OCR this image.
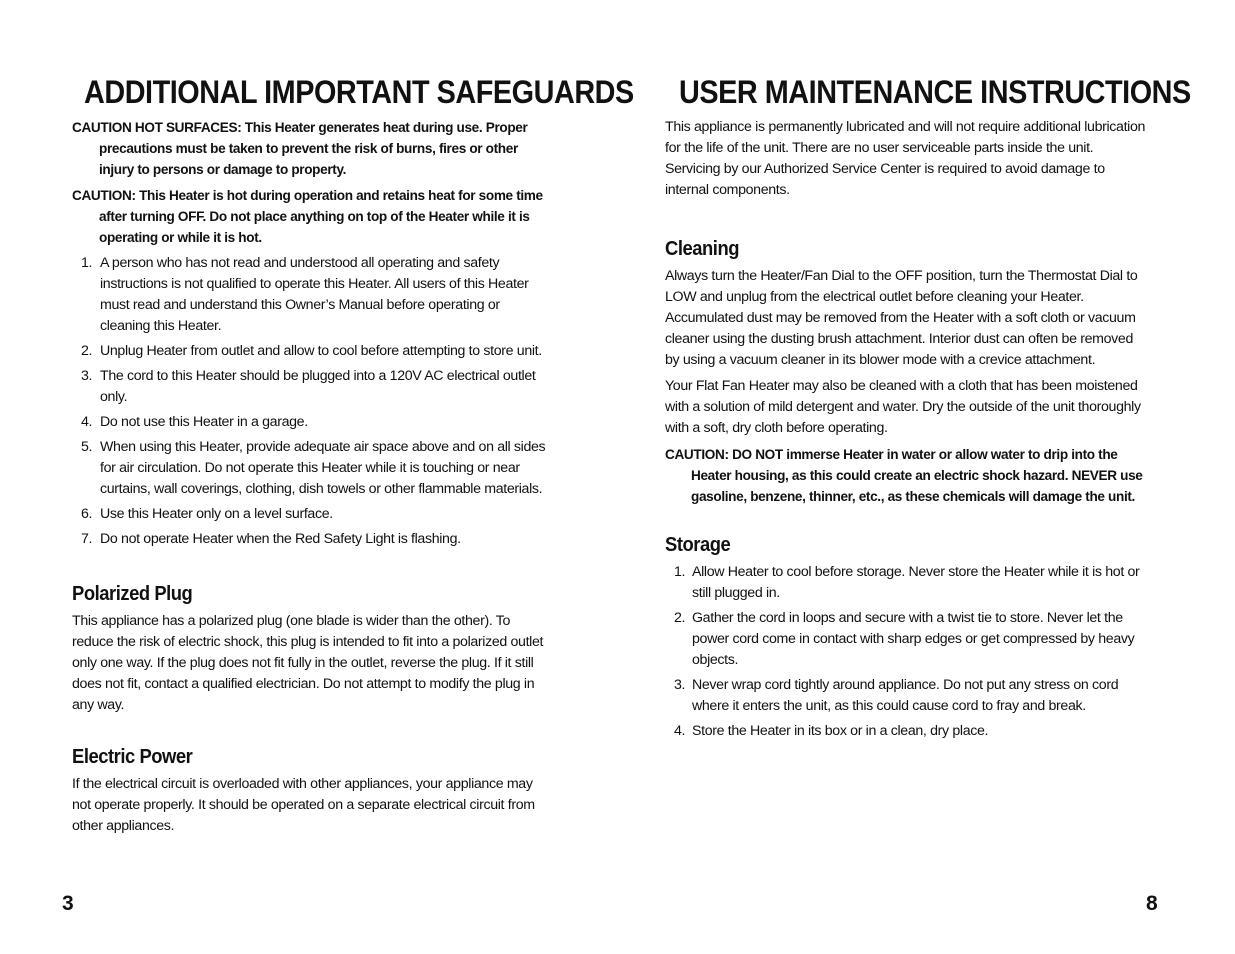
ADDITIONAL IMPORTANT SAFEGUARDS

CAUTION HOT SURFACES: This Heater generates heat during use. Proper precautions must be taken to prevent the risk of burns, fires or other injury to persons or damage to property.

CAUTION: This Heater is hot during operation and retains heat for some time after turning OFF. Do not place anything on top of the Heater while it is operating or while it is hot.

1. A person who has not read and understood all operating and safety instructions is not qualified to operate this Heater. All users of this Heater must read and understand this Owner’s Manual before operating or cleaning this Heater.
2. Unplug Heater from outlet and allow to cool before attempting to store unit.
3. The cord to this Heater should be plugged into a 120V AC electrical outlet only.
4. Do not use this Heater in a garage.
5. When using this Heater, provide adequate air space above and on all sides for air circulation. Do not operate this Heater while it is touching or near curtains, wall coverings, clothing, dish towels or other flammable materials.
6. Use this Heater only on a level surface.
7. Do not operate Heater when the Red Safety Light is flashing.
Polarized Plug

This appliance has a polarized plug (one blade is wider than the other). To reduce the risk of electric shock, this plug is intended to fit into a polarized outlet only one way. If the plug does not fit fully in the outlet, reverse the plug. If it still does not fit, contact a qualified electrician. Do not attempt to modify the plug in any way.

Electric Power

If the electrical circuit is overloaded with other appliances, your appliance may not operate properly. It should be operated on a separate electrical circuit from other appliances.

3
USER MAINTENANCE INSTRUCTIONS

This appliance is permanently lubricated and will not require additional lubrication for the life of the unit. There are no user serviceable parts inside the unit. Servicing by our Authorized Service Center is required to avoid damage to internal components.

Cleaning

Always turn the Heater/Fan Dial to the OFF position, turn the Thermostat Dial to LOW and unplug from the electrical outlet before cleaning your Heater. Accumulated dust may be removed from the Heater with a soft cloth or vacuum cleaner using the dusting brush attachment. Interior dust can often be removed by using a vacuum cleaner in its blower mode with a crevice attachment.

Your Flat Fan Heater may also be cleaned with a cloth that has been moistened with a solution of mild detergent and water. Dry the outside of the unit thoroughly with a soft, dry cloth before operating.

CAUTION: DO NOT immerse Heater in water or allow water to drip into the Heater housing, as this could create an electric shock hazard. NEVER use gasoline, benzene, thinner, etc., as these chemicals will damage the unit.

Storage
1. Allow Heater to cool before storage. Never store the Heater while it is hot or still plugged in.
2. Gather the cord in loops and secure with a twist tie to store. Never let the power cord come in contact with sharp edges or get compressed by heavy objects.
3. Never wrap cord tightly around appliance. Do not put any stress on cord where it enters the unit, as this could cause cord to fray and break.
4. Store the Heater in its box or in a clean, dry place.
8
